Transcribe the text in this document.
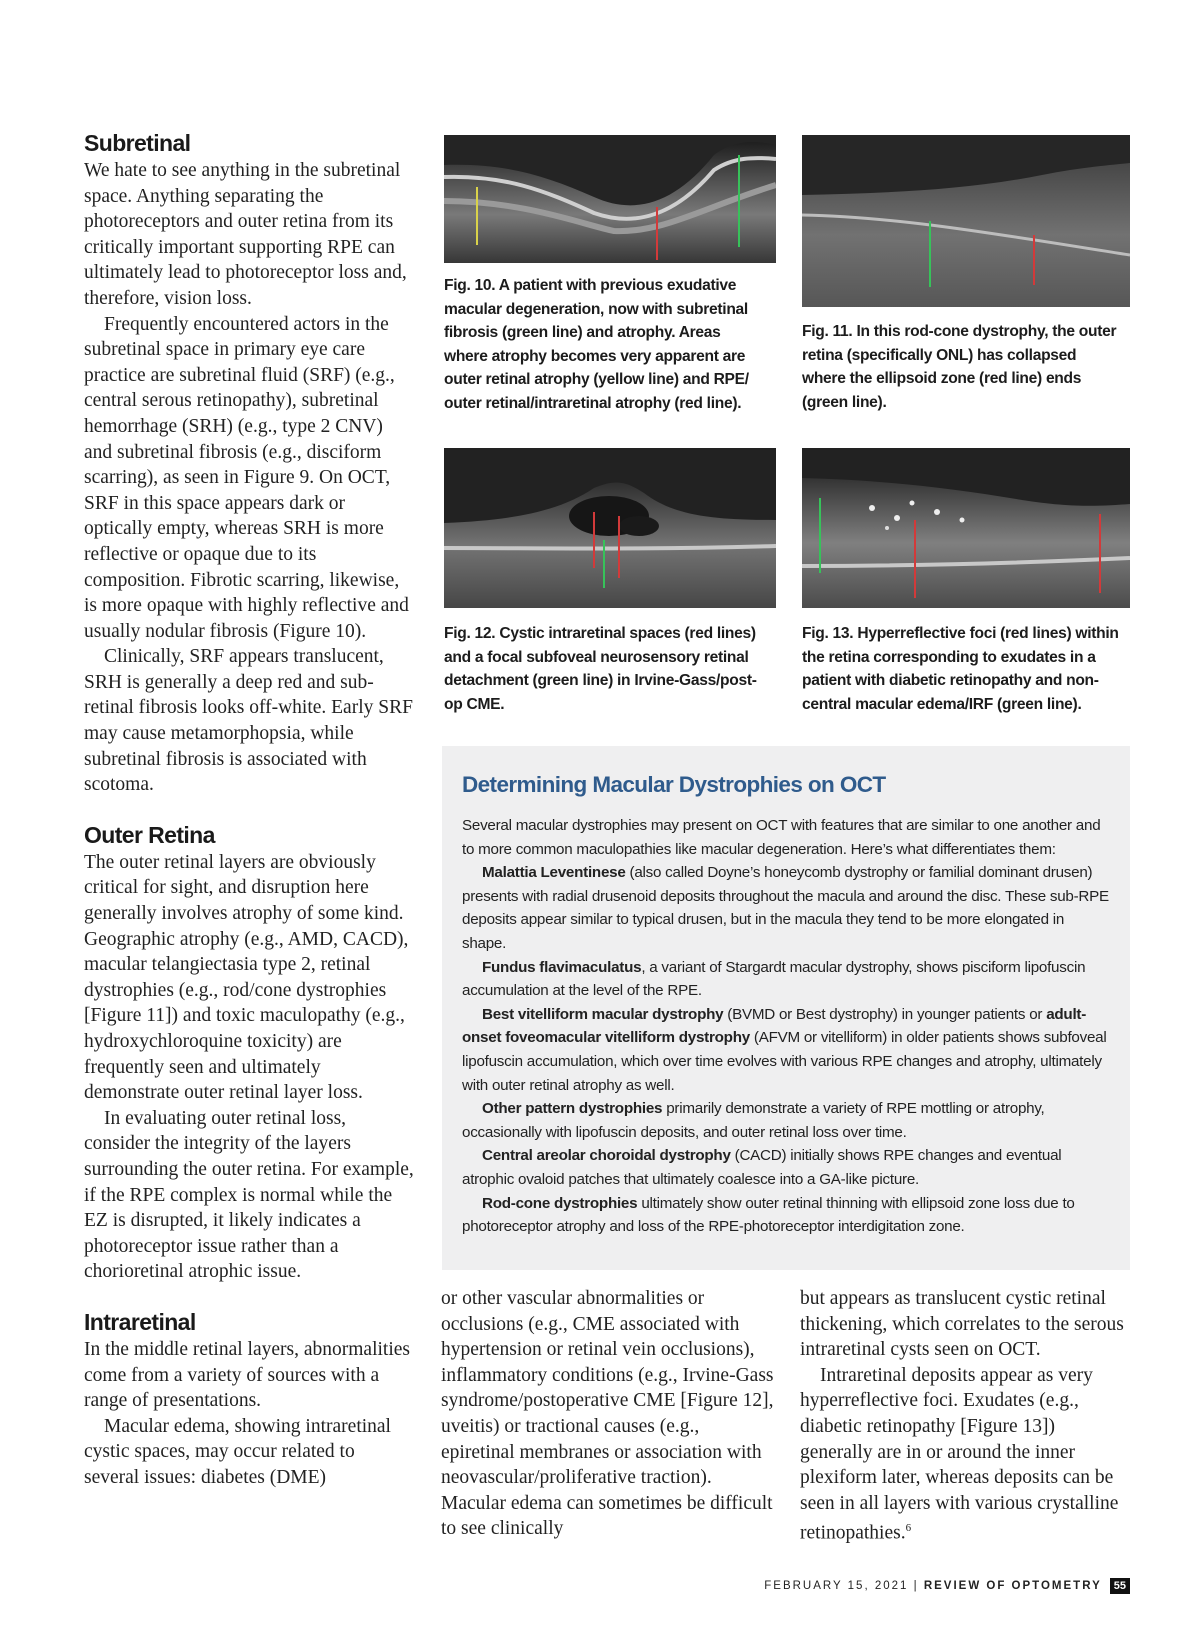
Subretinal

We hate to see anything in the subretinal space. Anything separating the photoreceptors and outer retina from its critically important supporting RPE can ultimately lead to photoreceptor loss and, therefore, vision loss.

Frequently encountered actors in the subretinal space in primary eye care practice are subretinal fluid (SRF) (e.g., central serous retinopathy), subretinal hemorrhage (SRH) (e.g., type 2 CNV) and subretinal fibrosis (e.g., disciform scarring), as seen in Figure 9. On OCT, SRF in this space appears dark or optically empty, whereas SRH is more reflective or opaque due to its composition. Fibrotic scarring, likewise, is more opaque with highly reflective and usually nodular fibrosis (Figure 10).

Clinically, SRF appears translucent, SRH is generally a deep red and subretinal fibrosis looks off-white. Early SRF may cause metamorphopsia, while subretinal fibrosis is associated with scotoma.

Outer Retina

The outer retinal layers are obviously critical for sight, and disruption here generally involves atrophy of some kind. Geographic atrophy (e.g., AMD, CACD), macular telangiectasia type 2, retinal dystrophies (e.g., rod/cone dystrophies [Figure 11]) and toxic maculopathy (e.g., hydroxychloroquine toxicity) are frequently seen and ultimately demonstrate outer retinal layer loss.

In evaluating outer retinal loss, consider the integrity of the layers surrounding the outer retina. For example, if the RPE complex is normal while the EZ is disrupted, it likely indicates a photoreceptor issue rather than a chorioretinal atrophic issue.

Intraretinal

In the middle retinal layers, abnormalities come from a variety of sources with a range of presentations.

Macular edema, showing intraretinal cystic spaces, may occur related to several issues: diabetes (DME)

Fig. 10. A patient with previous exudative macular degeneration, now with subretinal fibrosis (green line) and atrophy. Areas where atrophy becomes very apparent are outer retinal atrophy (yellow line) and RPE/ outer retinal/intraretinal atrophy (red line).

Fig. 11. In this rod-cone dystrophy, the outer retina (specifically ONL) has collapsed where the ellipsoid zone (red line) ends (green line).

Fig. 12. Cystic intraretinal spaces (red lines) and a focal subfoveal neurosensory retinal detachment (green line) in Irvine-Gass/post-op CME.

Fig. 13. Hyperreflective foci (red lines) within the retina corresponding to exudates in a patient with diabetic retinopathy and non-central macular edema/IRF (green line).

Determining Macular Dystrophies on OCT

Several macular dystrophies may present on OCT with features that are similar to one another and to more common maculopathies like macular degeneration. Here’s what differentiates them:

Malattia Leventinese (also called Doyne’s honeycomb dystrophy or familial dominant drusen) presents with radial drusenoid deposits throughout the macula and around the disc. These sub-RPE deposits appear similar to typical drusen, but in the macula they tend to be more elongated in shape.

Fundus flavimaculatus, a variant of Stargardt macular dystrophy, shows pisciform lipofuscin accumulation at the level of the RPE.

Best vitelliform macular dystrophy (BVMD or Best dystrophy) in younger patients or adult-onset foveomacular vitelliform dystrophy (AFVM or vitelliform) in older patients shows subfoveal lipofuscin accumulation, which over time evolves with various RPE changes and atrophy, ultimately with outer retinal atrophy as well.

Other pattern dystrophies primarily demonstrate a variety of RPE mottling or atrophy, occasionally with lipofuscin deposits, and outer retinal loss over time.

Central areolar choroidal dystrophy (CACD) initially shows RPE changes and eventual atrophic ovaloid patches that ultimately coalesce into a GA-like picture.

Rod-cone dystrophies ultimately show outer retinal thinning with ellipsoid zone loss due to photoreceptor atrophy and loss of the RPE-photoreceptor interdigitation zone.

or other vascular abnormalities or occlusions (e.g., CME associated with hypertension or retinal vein occlusions), inflammatory conditions (e.g., Irvine-Gass syndrome/postoperative CME [Figure 12], uveitis) or tractional causes (e.g., epiretinal membranes or association with neovascular/proliferative traction). Macular edema can sometimes be difficult to see clinically

but appears as translucent cystic retinal thickening, which correlates to the serous intraretinal cysts seen on OCT.

Intraretinal deposits appear as very hyperreflective foci. Exudates (e.g., diabetic retinopathy [Figure 13]) generally are in or around the inner plexiform later, whereas deposits can be seen in all layers with various crystalline retinopathies.$^6$

FEBRUARY 15, 2021 |
REVIEW OF OPTOMETRY	55
